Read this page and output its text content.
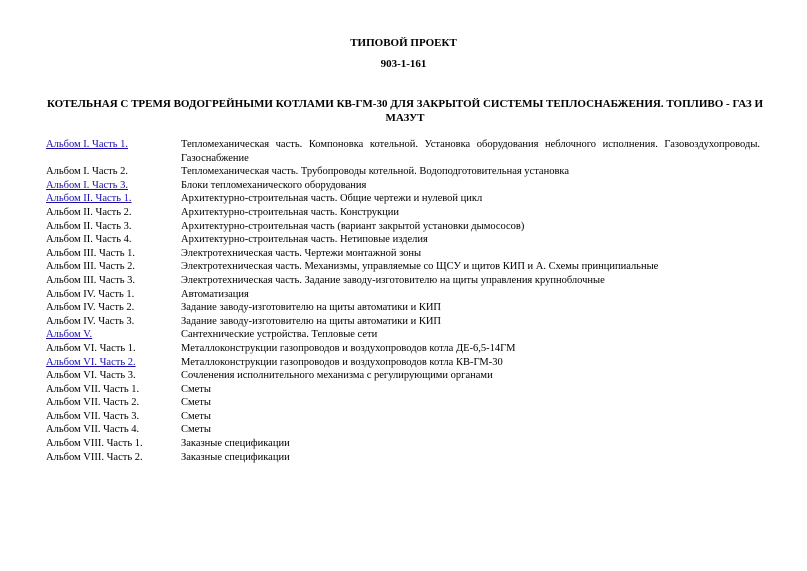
ТИПОВОЙ ПРОЕКТ
903-1-161
КОТЕЛЬНАЯ С ТРЕМЯ ВОДОГРЕЙНЫМИ КОТЛАМИ КВ-ГМ-30 ДЛЯ ЗАКРЫТОЙ СИСТЕМЫ ТЕПЛОСНАБЖЕНИЯ. ТОПЛИВО - ГАЗ И МАЗУТ
Альбом I. Часть 1.	Тепломеханическая часть. Компоновка котельной. Установка оборудования неблочного исполнения. Газовоздухопроводы. Газоснабжение
Альбом I. Часть 2.	Тепломеханическая часть. Трубопроводы котельной. Водоподготовительная установка
Альбом I. Часть 3.	Блоки тепломеханического оборудования
Альбом II. Часть 1.	Архитектурно-строительная часть. Общие чертежи и нулевой цикл
Альбом II. Часть 2.	Архитектурно-строительная часть. Конструкции
Альбом II. Часть 3.	Архитектурно-строительная часть (вариант закрытой установки дымососов)
Альбом II. Часть 4.	Архитектурно-строительная часть. Нетиповые изделия
Альбом III. Часть 1.	Электротехническая часть. Чертежи монтажной зоны
Альбом III. Часть 2.	Электротехническая часть. Механизмы, управляемые со ЩСУ и щитов КИП и А. Схемы принципиальные
Альбом III. Часть 3.	Электротехническая часть. Задание заводу-изготовителю на щиты управления крупноблочные
Альбом IV. Часть 1.	Автоматизация
Альбом IV. Часть 2.	Задание заводу-изготовителю на щиты автоматики и КИП
Альбом IV. Часть 3.	Задание заводу-изготовителю на щиты автоматики и КИП
Альбом V.	Сантехнические устройства. Тепловые сети
Альбом VI. Часть 1.	Металлоконструкции газопроводов и воздухопроводов котла ДЕ-6,5-14ГМ
Альбом VI. Часть 2.	Металлоконструкции газопроводов и воздухопроводов котла КВ-ГМ-30
Альбом VI. Часть 3.	Сочленения исполнительного механизма с регулирующими органами
Альбом VII. Часть 1.	Сметы
Альбом VII. Часть 2.	Сметы
Альбом VII. Часть 3.	Сметы
Альбом VII. Часть 4.	Сметы
Альбом VIII. Часть 1.	Заказные спецификации
Альбом VIII. Часть 2.	Заказные спецификации
